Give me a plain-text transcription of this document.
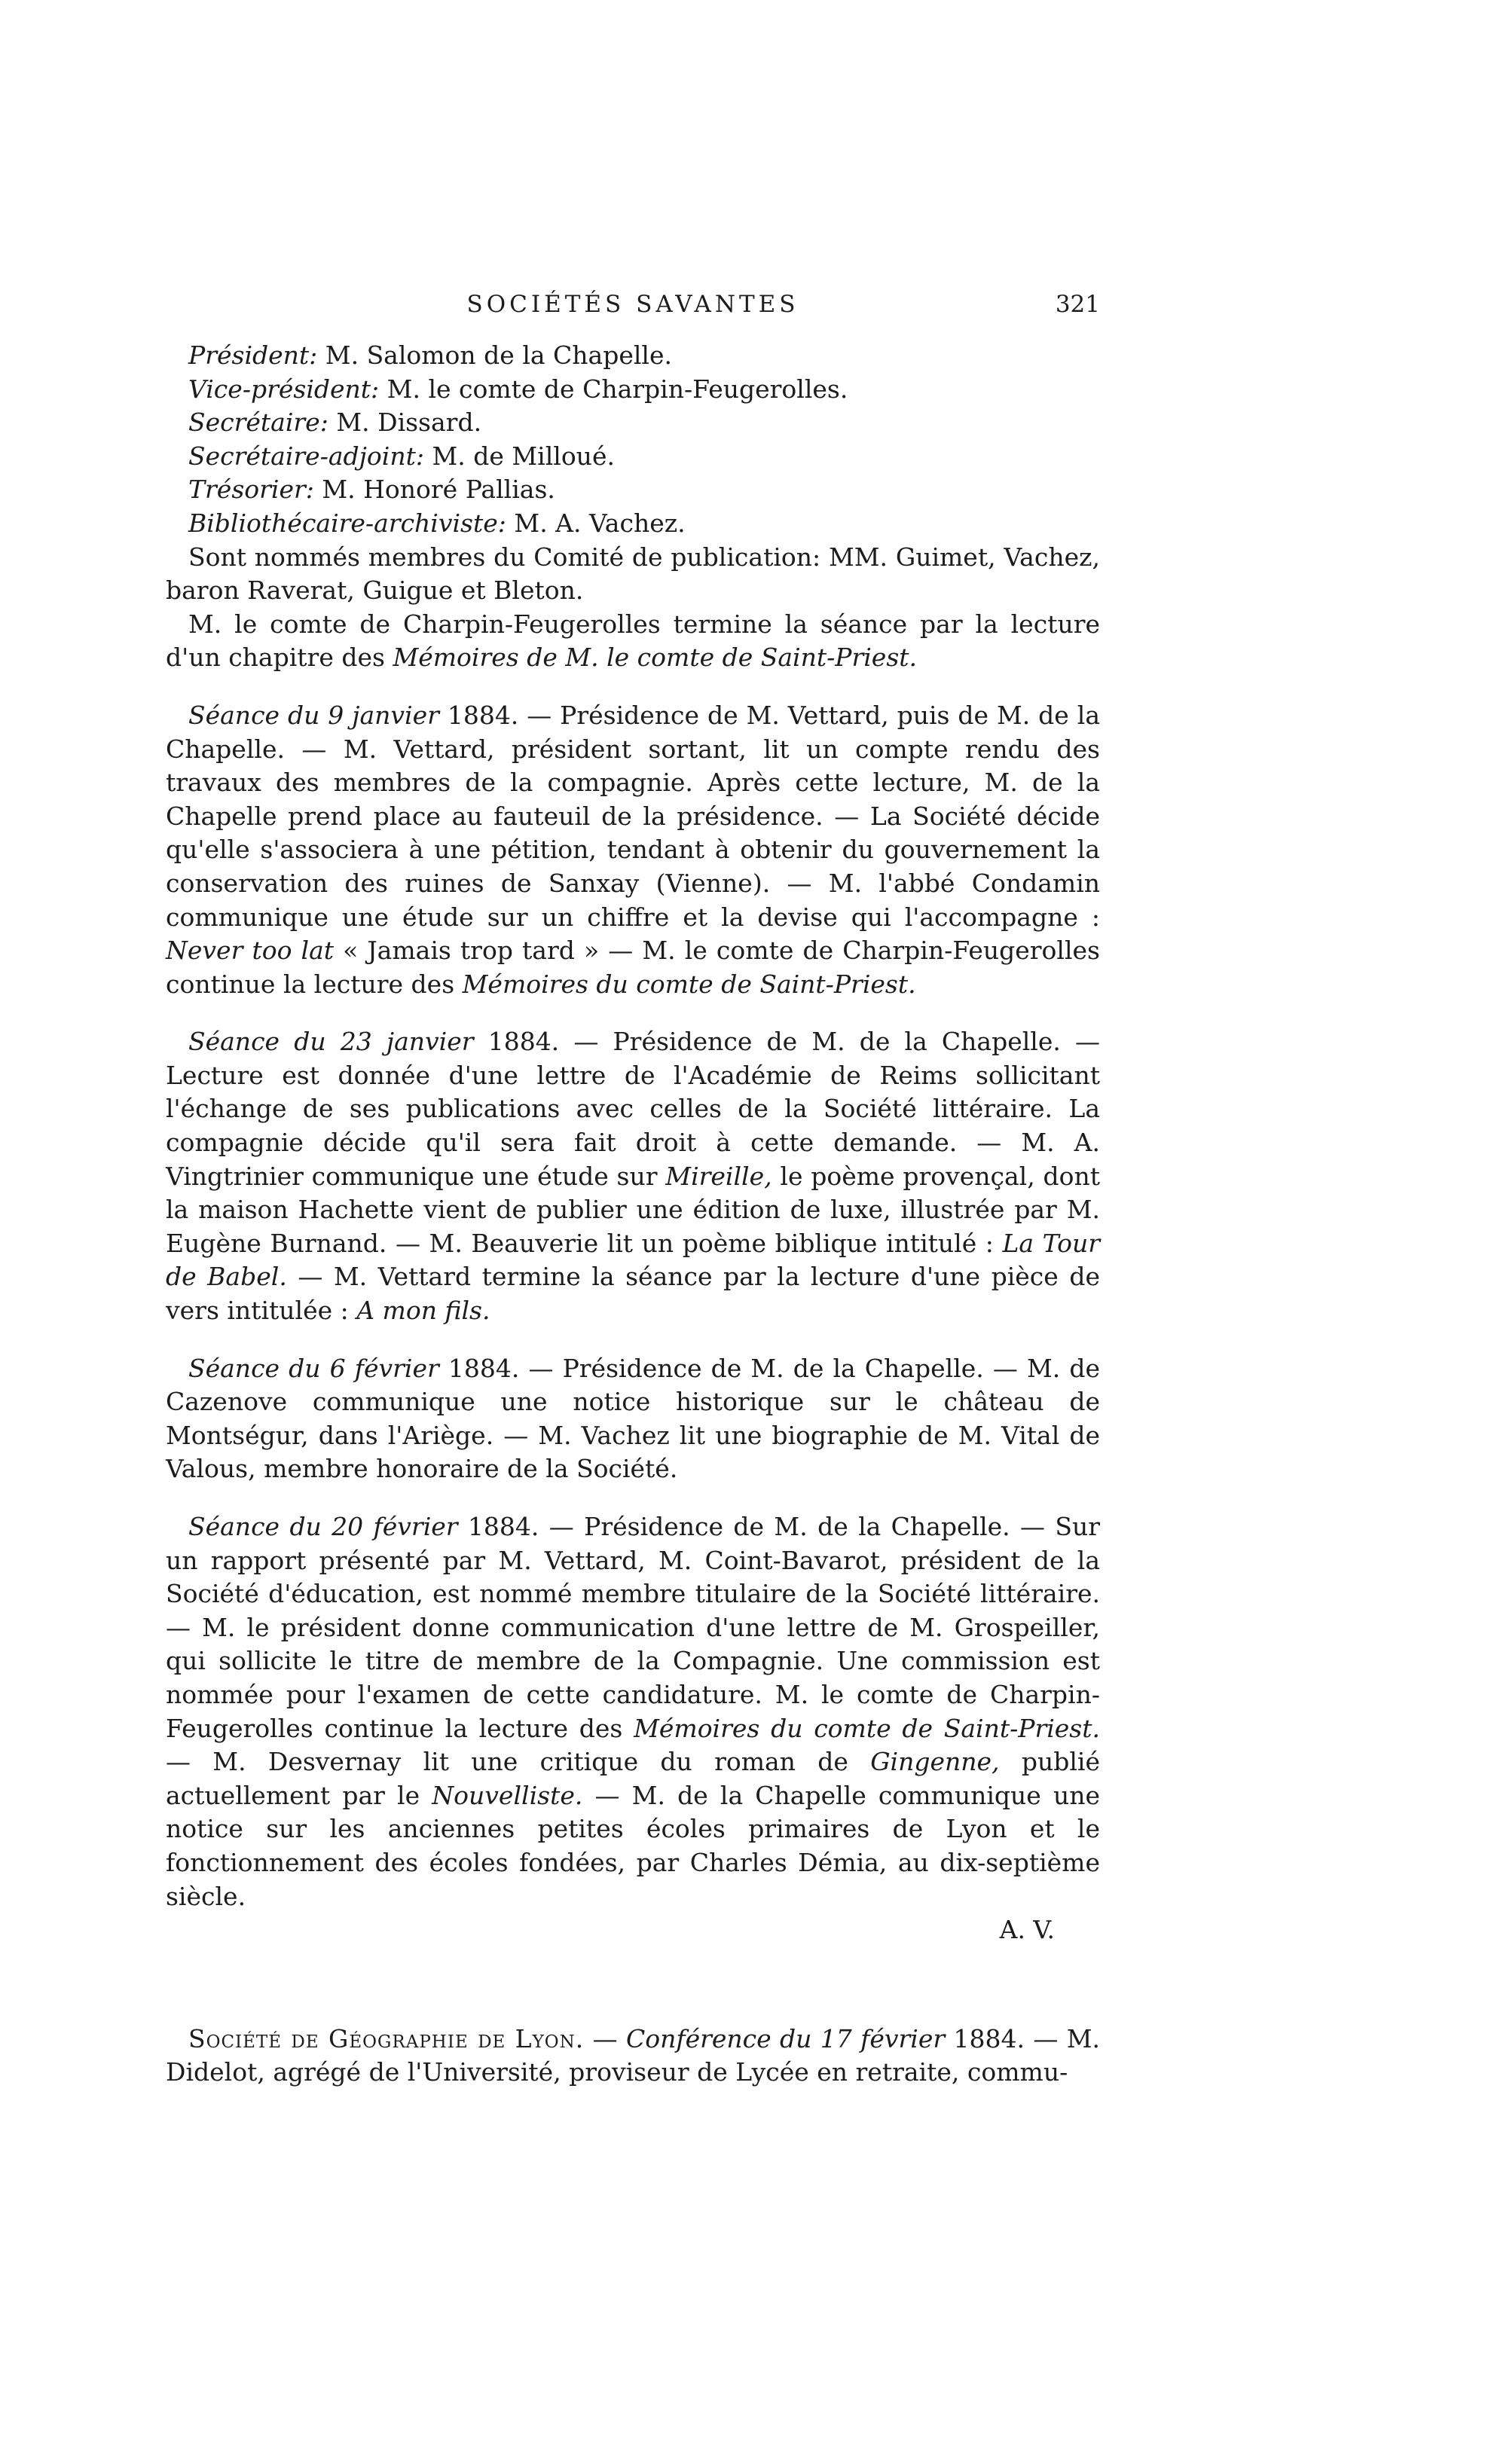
SOCIÉTÉS SAVANTES	321

Président: M. Salomon de la Chapelle.

Vice-président: M. le comte de Charpin-Feugerolles.

Secrétaire: M. Dissard.

Secrétaire-adjoint: M. de Milloué.

Trésorier: M. Honoré Pallias.

Bibliothécaire-archiviste: M. A. Vachez.

Sont nommés membres du Comité de publication: MM. Guimet, Vachez, baron Raverat, Guigue et Bleton.

M. le comte de Charpin-Feugerolles termine la séance par la lecture d'un chapitre des Mémoires de M. le comte de Saint-Priest.

Séance du 9 janvier 1884. — Présidence de M. Vettard, puis de M. de la Chapelle. — M. Vettard, président sortant, lit un compte rendu des travaux des membres de la compagnie. Après cette lecture, M. de la Chapelle prend place au fauteuil de la présidence. — La Société décide qu'elle s'associera à une pétition, tendant à obtenir du gouvernement la conservation des ruines de Sanxay (Vienne). — M. l'abbé Condamin communique une étude sur un chiffre et la devise qui l'accompagne : Never too lat « Jamais trop tard » — M. le comte de Charpin-Feugerolles continue la lecture des Mémoires du comte de Saint-Priest.

Séance du 23 janvier 1884. — Présidence de M. de la Chapelle. — Lecture est donnée d'une lettre de l'Académie de Reims sollicitant l'échange de ses publications avec celles de la Société littéraire. La compagnie décide qu'il sera fait droit à cette demande. — M. A. Vingtrinier communique une étude sur Mireille, le poème provençal, dont la maison Hachette vient de publier une édition de luxe, illustrée par M. Eugène Burnand. — M. Beauverie lit un poème biblique intitulé : La Tour de Babel. — M. Vettard termine la séance par la lecture d'une pièce de vers intitulée : A mon fils.

Séance du 6 février 1884. — Présidence de M. de la Chapelle. — M. de Cazenove communique une notice historique sur le château de Montségur, dans l'Ariège. — M. Vachez lit une biographie de M. Vital de Valous, membre honoraire de la Société.

Séance du 20 février 1884. — Présidence de M. de la Chapelle. — Sur un rapport présenté par M. Vettard, M. Coint-Bavarot, président de la Société d'éducation, est nommé membre titulaire de la Société littéraire. — M. le président donne communication d'une lettre de M. Grospeiller, qui sollicite le titre de membre de la Compagnie. Une commission est nommée pour l'examen de cette candidature. M. le comte de Charpin-Feugerolles continue la lecture des Mémoires du comte de Saint-Priest. — M. Desvernay lit une critique du roman de Gingenne, publié actuellement par le Nouvelliste. — M. de la Chapelle communique une notice sur les anciennes petites écoles primaires de Lyon et le fonctionnement des écoles fondées, par Charles Démia, au dix-septième siècle.

A. V.

Société de Géographie de Lyon. — Conférence du 17 février 1884. — M. Didelot, agrégé de l'Université, proviseur de Lycée en retraite, commu-
